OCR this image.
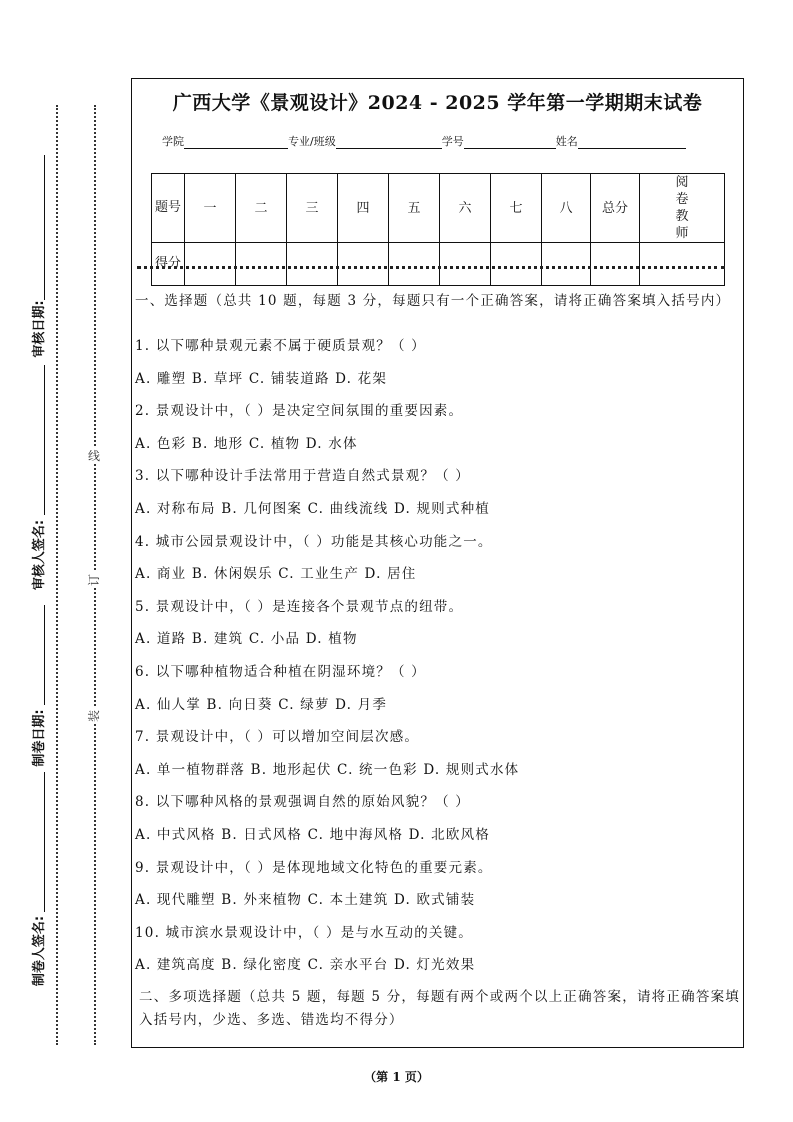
审核日期:
审核人签名:
制卷日期:
制卷人签名:
线
订
装
广西大学《景观设计》2024 - 2025 学年第一学期期末试卷
学院	专业/班级	学号	姓名
题号	一	二	三	四	五	六	七	八	总分	阅卷教师
得分										

一、选择题（总共 10 题，每题 3 分，每题只有一个正确答案，请将正确答案填入括号内）

1. 以下哪种景观元素不属于硬质景观？（ ）

A. 雕塑 B. 草坪 C. 铺装道路 D. 花架

2. 景观设计中，（ ）是决定空间氛围的重要因素。

A. 色彩 B. 地形 C. 植物 D. 水体

3. 以下哪种设计手法常用于营造自然式景观？（ ）

A. 对称布局 B. 几何图案 C. 曲线流线 D. 规则式种植

4. 城市公园景观设计中，（ ）功能是其核心功能之一。

A. 商业 B. 休闲娱乐 C. 工业生产 D. 居住

5. 景观设计中，（ ）是连接各个景观节点的纽带。

A. 道路 B. 建筑 C. 小品 D. 植物

6. 以下哪种植物适合种植在阴湿环境？（ ）

A. 仙人掌 B. 向日葵 C. 绿萝 D. 月季

7. 景观设计中，（ ）可以增加空间层次感。

A. 单一植物群落 B. 地形起伏 C. 统一色彩 D. 规则式水体

8. 以下哪种风格的景观强调自然的原始风貌？（ ）

A. 中式风格 B. 日式风格 C. 地中海风格 D. 北欧风格

9. 景观设计中，（ ）是体现地域文化特色的重要元素。

A. 现代雕塑 B. 外来植物 C. 本土建筑 D. 欧式铺装

10. 城市滨水景观设计中，（ ）是与水互动的关键。

A. 建筑高度 B. 绿化密度 C. 亲水平台 D. 灯光效果

二、多项选择题（总共 5 题，每题 5 分，每题有两个或两个以上正确答案，请将正确答案填入括号内，少选、多选、错选均不得分）

（第 1 页）
